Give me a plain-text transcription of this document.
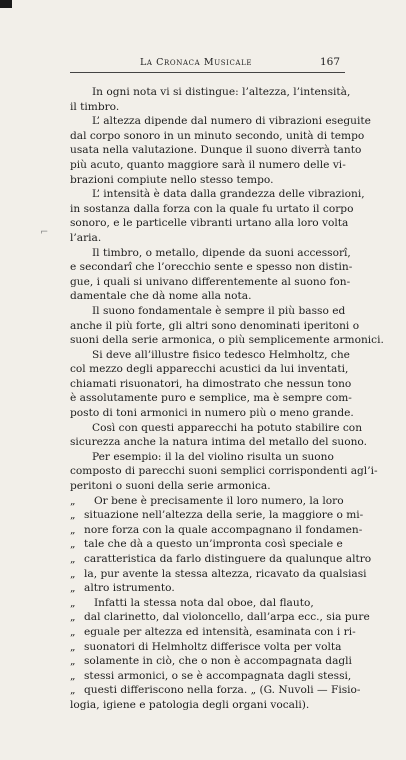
⌐
La Cronaca Musicale	167
In ogni nota vi si distingue: l’altezza, l’intensità,
il timbro.
L’ altezza dipende dal numero di vibrazioni eseguite
dal corpo sonoro in un minuto secondo, unità di tempo
usata nella valutazione. Dunque il suono diverrà tanto
più acuto, quanto maggiore sarà il numero delle vi-
brazioni compiute nello stesso tempo.
L’ intensità è data dalla grandezza delle vibrazioni,
in sostanza dalla forza con la quale fu urtato il corpo
sonoro, e le particelle vibranti urtano alla loro volta
l’aria.
Il timbro, o metallo, dipende da suoni accessorî,
e secondarî che l’orecchio sente e spesso non distin-
gue, i quali si univano differentemente al suono fon-
damentale che dà nome alla nota.
Il suono fondamentale è sempre il più basso ed
anche il più forte, gli altri sono denominati iperitoni o
suoni della serie armonica, o più semplicemente armonici.
Si deve all’illustre fisico tedesco Helmholtz, che
col mezzo degli apparecchi acustici da lui inventati,
chiamati risuonatori, ha dimostrato che nessun tono
è assolutamente puro e semplice, ma è sempre com-
posto di toni armonici in numero più o meno grande.
Così con questi apparecchi ha potuto stabilire con
sicurezza anche la natura intima del metallo del suono.
Per esempio: il la del violino risulta un suono
composto di parecchi suoni semplici corrispondenti agl’i-
peritoni o suoni della serie armonica.
„ Or bene è precisamente il loro numero, la loro
„ situazione nell’altezza della serie, la maggiore o mi-
„ nore forza con la quale accompagnano il fondamen-
„ tale che dà a questo un’impronta così speciale e
„ caratteristica da farlo distinguere da qualunque altro
„ la, pur avente la stessa altezza, ricavato da qualsiasi
„ altro istrumento.
„ Infatti la stessa nota dal oboe, dal flauto,
„ dal clarinetto, dal violoncello, dall’arpa ecc., sia pure
„ eguale per altezza ed intensità, esaminata con i ri-
„ suonatori di Helmholtz differisce volta per volta
„ solamente in ciò, che o non è accompagnata dagli
„ stessi armonici, o se è accompagnata dagli stessi,
„ questi differiscono nella forza. „ (G. Nuvoli — Fisio-
logia, igiene e patologia degli organi vocali).
